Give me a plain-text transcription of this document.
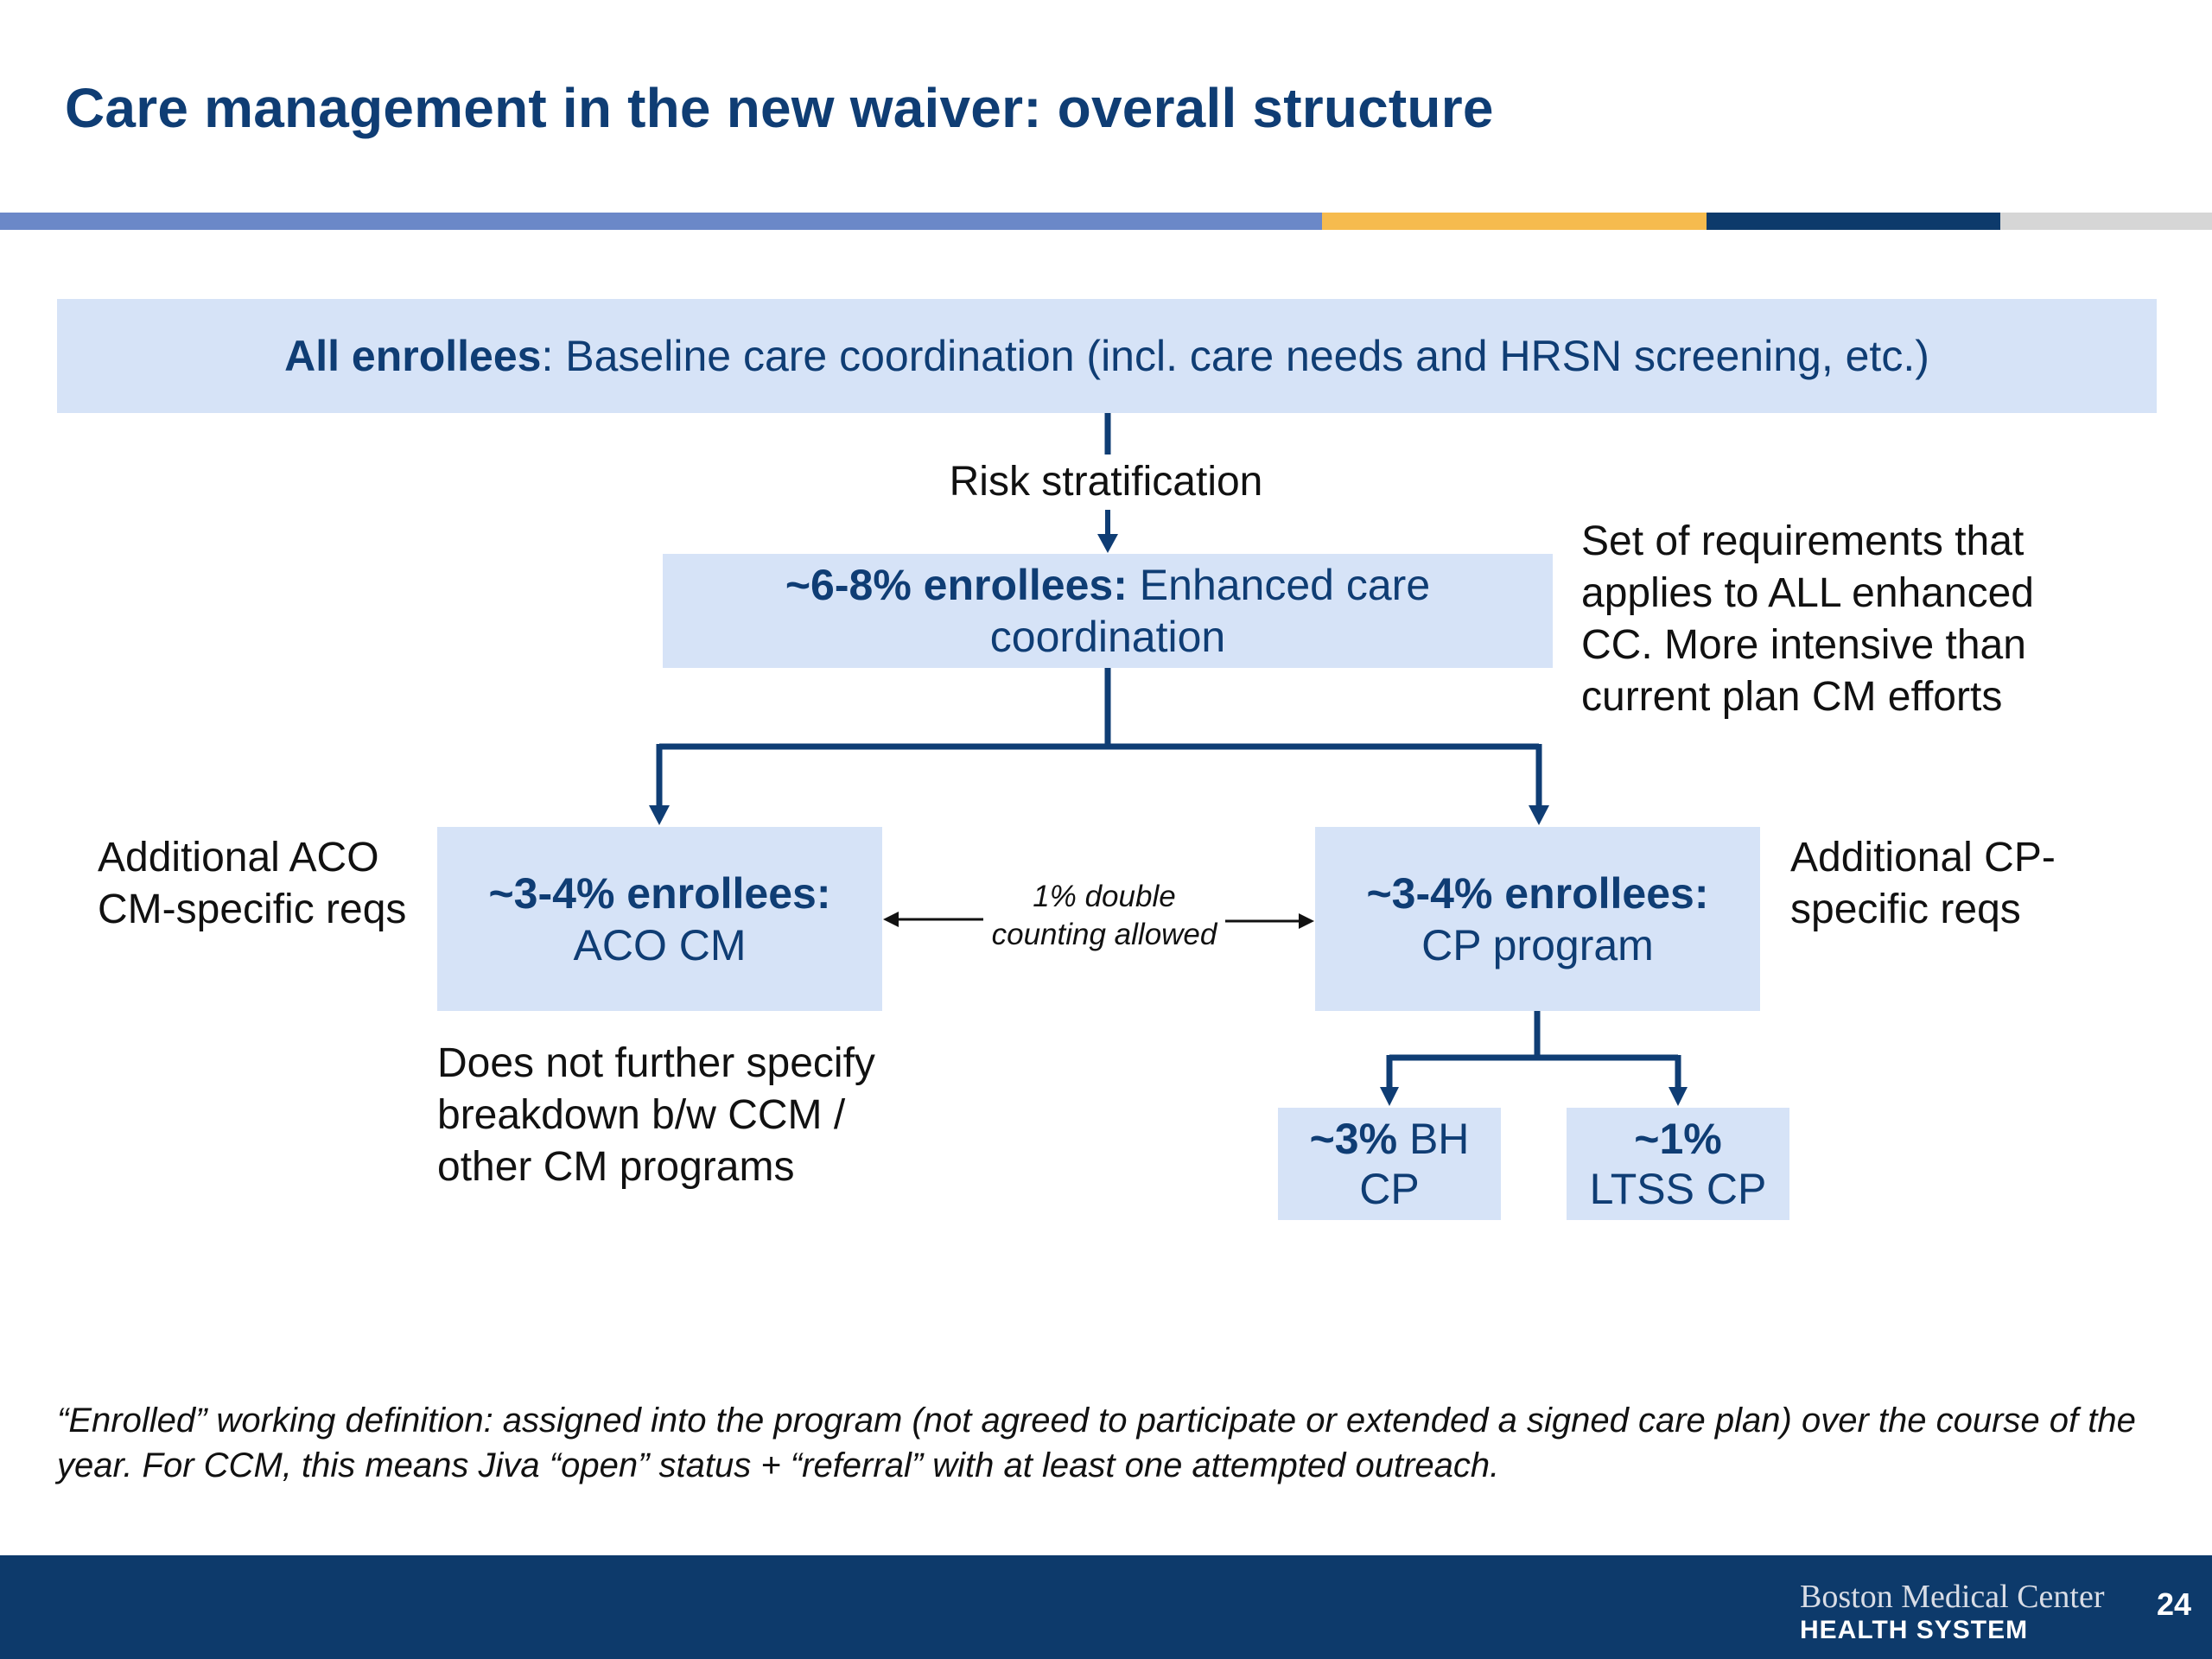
Care management in the new waiver: overall structure
All enrollees: Baseline care coordination (incl. care needs and HRSN screening, etc.)
Risk stratification
~6-8% enrollees: Enhanced care coordination
Set of requirements that applies to ALL enhanced CC. More intensive than current plan CM efforts
Additional ACO CM-specific reqs	~3-4% enrollees:
ACO CM
1% double counting allowed
~3-4% enrollees:
CP program
Additional CP-specific reqs
Does not further specify breakdown b/w CCM / other CM programs
~3% BH
CP
~1%
LTSS CP
“Enrolled” working definition: assigned into the program (not agreed to participate or extended a signed care plan) over the course of the year. For CCM, this means Jiva “open” status + “referral” with at least one attempted outreach.
Boston Medical Center
HEALTH SYSTEM
24
